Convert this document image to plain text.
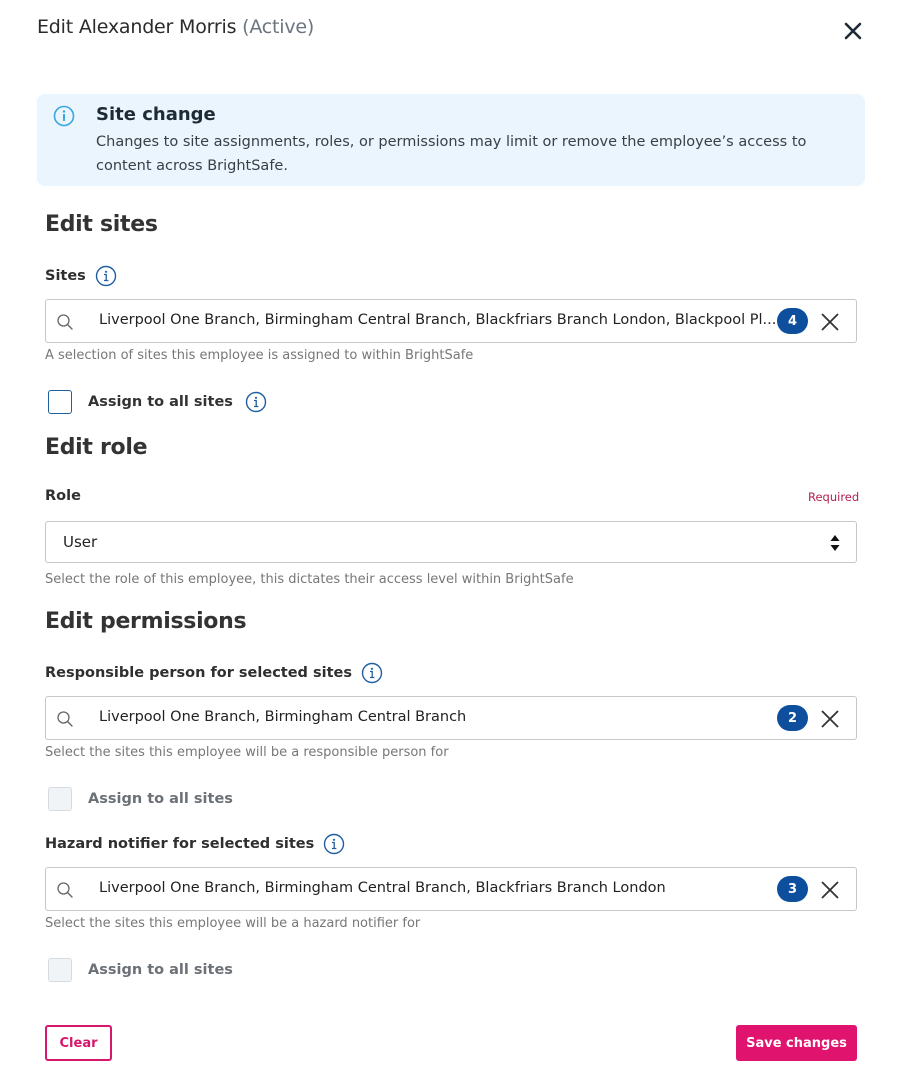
Edit Alexander Morris (Active)
Site change
Changes to site assignments, roles, or permissions may limit or remove the employee’s access to content across BrightSafe.
Edit sites
Sites
Liverpool One Branch, Birmingham Central Branch, Blackfriars Branch London, Blackpool Pl... 4
A selection of sites this employee is assigned to within BrightSafe
Assign to all sites
Edit role
Role	Required
User
Select the role of this employee, this dictates their access level within BrightSafe
Edit permissions
Responsible person for selected sites
Liverpool One Branch, Birmingham Central Branch	2
Select the sites this employee will be a responsible person for
Assign to all sites
Hazard notifier for selected sites
Liverpool One Branch, Birmingham Central Branch, Blackfriars Branch London	3
Select the sites this employee will be a hazard notifier for
Assign to all sites
Clear	Save changes
